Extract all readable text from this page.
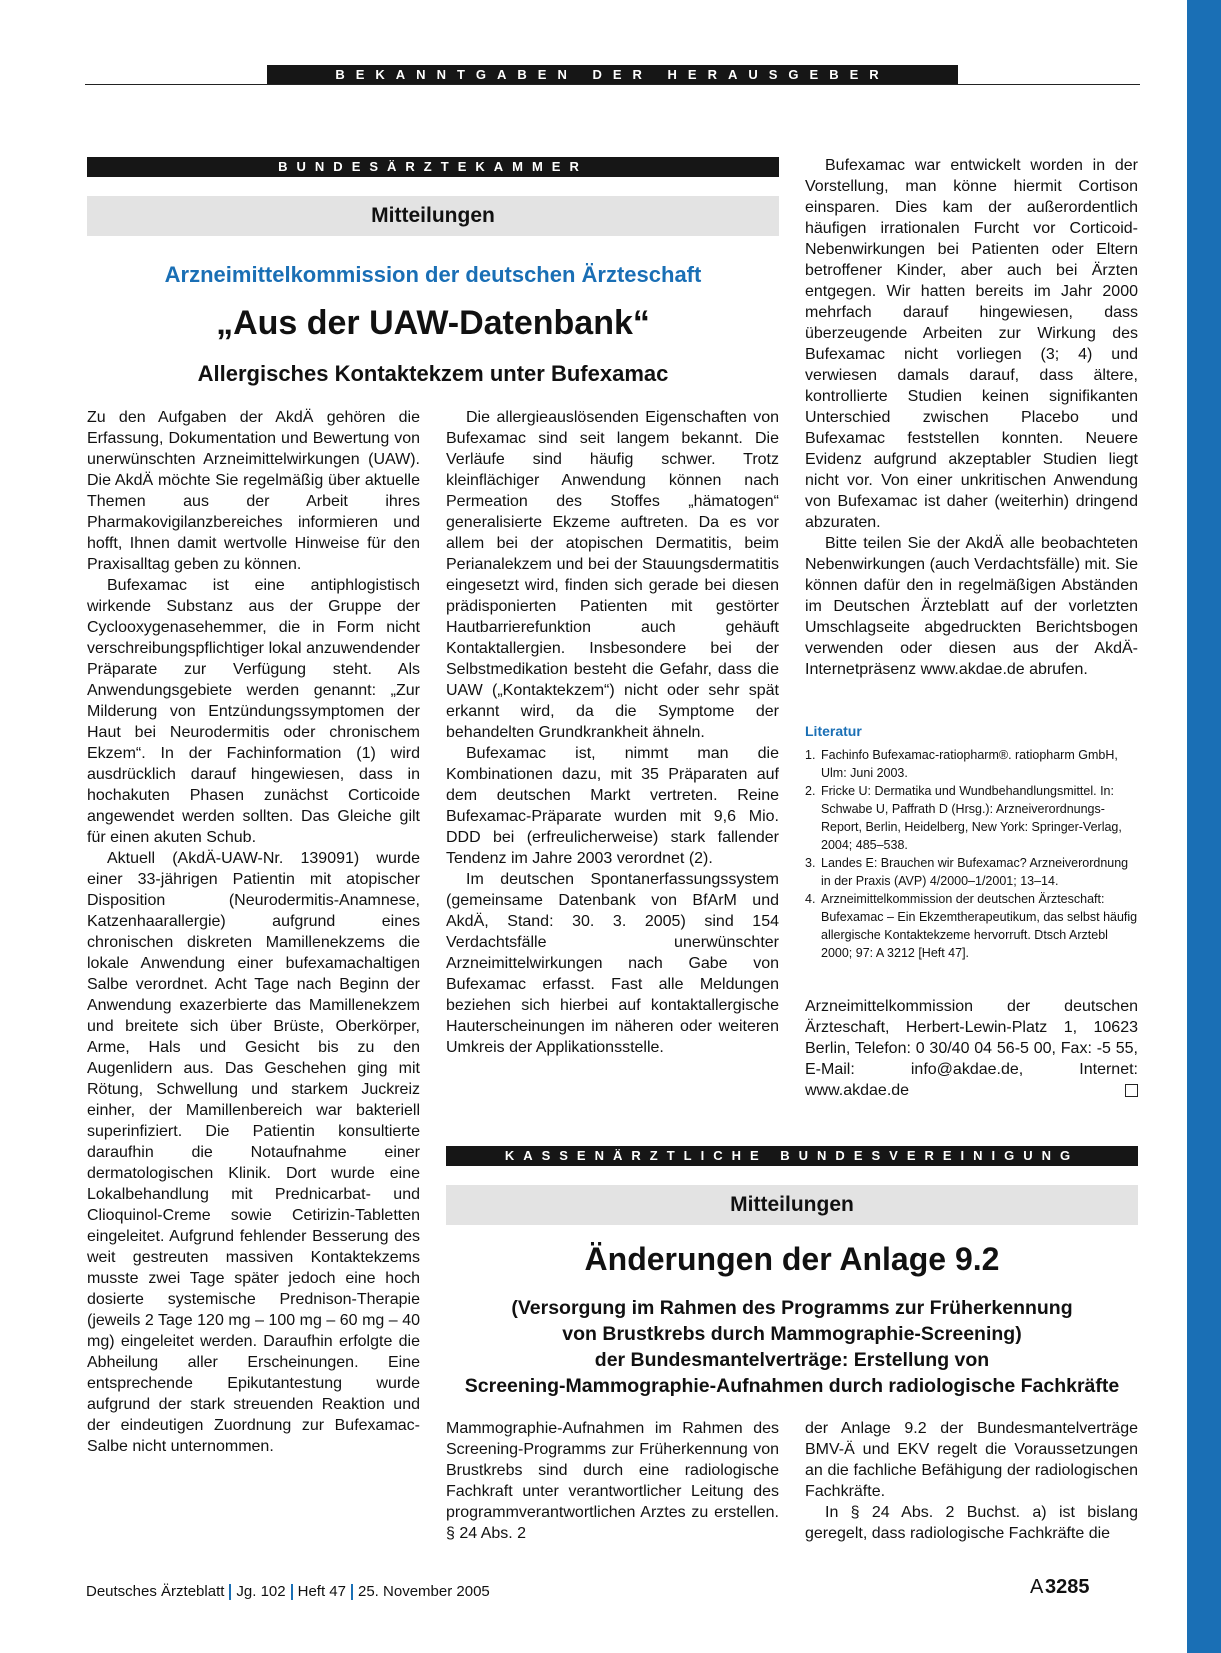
BEKANNTGABEN DER HERAUSGEBER
BUNDESÄRZTEKAMMER
Mitteilungen
Arzneimittelkommission der deutschen Ärzteschaft
„Aus der UAW-Datenbank“
Allergisches Kontaktekzem unter Bufexamac

Zu den Aufgaben der AkdÄ gehören die Erfassung, Dokumentation und Bewertung von unerwünschten Arzneimittelwirkungen (UAW). Die AkdÄ möchte Sie regelmäßig über aktuelle Themen aus der Arbeit ihres Pharmakovigilanzbereiches informieren und hofft, Ihnen damit wertvolle Hinweise für den Praxisalltag geben zu können.

Bufexamac ist eine antiphlogistisch wirkende Substanz aus der Gruppe der Cyclooxygenasehemmer, die in Form nicht verschreibungspflichtiger lokal anzuwendender Präparate zur Verfügung steht. Als Anwendungsgebiete werden genannt: „Zur Milderung von Entzündungssymptomen der Haut bei Neurodermitis oder chronischem Ekzem“. In der Fachinformation (1) wird ausdrücklich darauf hingewiesen, dass in hochakuten Phasen zunächst Corticoide angewendet werden sollten. Das Gleiche gilt für einen akuten Schub.

Aktuell (AkdÄ-UAW-Nr. 139091) wurde einer 33-jährigen Patientin mit atopischer Disposition (Neurodermitis-Anamnese, Katzenhaarallergie) aufgrund eines chronischen diskreten Mamillenekzems die lokale Anwendung einer bufexamachaltigen Salbe verordnet. Acht Tage nach Beginn der Anwendung exazerbierte das Mamillenekzem und breitete sich über Brüste, Oberkörper, Arme, Hals und Gesicht bis zu den Augenlidern aus. Das Geschehen ging mit Rötung, Schwellung und starkem Juckreiz einher, der Mamillenbereich war bakteriell superinfiziert. Die Patientin konsultierte daraufhin die Notaufnahme einer dermatologischen Klinik. Dort wurde eine Lokalbehandlung mit Prednicarbat- und Clioquinol-Creme sowie Cetirizin-Tabletten eingeleitet. Aufgrund fehlender Besserung des weit gestreuten massiven Kontaktekzems musste zwei Tage später jedoch eine hoch dosierte systemische Prednison-Therapie (jeweils 2 Tage 120 mg – 100 mg – 60 mg – 40 mg) eingeleitet werden. Daraufhin erfolgte die Abheilung aller Erscheinungen. Eine entsprechende Epikutantestung wurde aufgrund der stark streuenden Reaktion und der eindeutigen Zuordnung zur Bufexamac-Salbe nicht unternommen.

Die allergieauslösenden Eigenschaften von Bufexamac sind seit langem bekannt. Die Verläufe sind häufig schwer. Trotz kleinflächiger Anwendung können nach Permeation des Stoffes „hämatogen“ generalisierte Ekzeme auftreten. Da es vor allem bei der atopischen Dermatitis, beim Perianalekzem und bei der Stauungsdermatitis eingesetzt wird, finden sich gerade bei diesen prädisponierten Patienten mit gestörter Hautbarrierefunktion auch gehäuft Kontaktallergien. Insbesondere bei der Selbstmedikation besteht die Gefahr, dass die UAW („Kontaktekzem“) nicht oder sehr spät erkannt wird, da die Symptome der behandelten Grundkrankheit ähneln.

Bufexamac ist, nimmt man die Kombinationen dazu, mit 35 Präparaten auf dem deutschen Markt vertreten. Reine Bufexamac-Präparate wurden mit 9,6 Mio. DDD bei (erfreulicherweise) stark fallender Tendenz im Jahre 2003 verordnet (2).

Im deutschen Spontanerfassungssystem (gemeinsame Datenbank von BfArM und AkdÄ, Stand: 30. 3. 2005) sind 154 Verdachtsfälle unerwünschter Arzneimittelwirkungen nach Gabe von Bufexamac erfasst. Fast alle Meldungen beziehen sich hierbei auf kontaktallergische Hauterscheinungen im näheren oder weiteren Umkreis der Applikationsstelle.

Bufexamac war entwickelt worden in der Vorstellung, man könne hiermit Cortison einsparen. Dies kam der außerordentlich häufigen irrationalen Furcht vor Corticoid-Nebenwirkungen bei Patienten oder Eltern betroffener Kinder, aber auch bei Ärzten entgegen. Wir hatten bereits im Jahr 2000 mehrfach darauf hingewiesen, dass überzeugende Arbeiten zur Wirkung des Bufexamac nicht vorliegen (3; 4) und verwiesen damals darauf, dass ältere, kontrollierte Studien keinen signifikanten Unterschied zwischen Placebo und Bufexamac feststellen konnten. Neuere Evidenz aufgrund akzeptabler Studien liegt nicht vor. Von einer unkritischen Anwendung von Bufexamac ist daher (weiterhin) dringend abzuraten.

Bitte teilen Sie der AkdÄ alle beobachteten Nebenwirkungen (auch Verdachtsfälle) mit. Sie können dafür den in regelmäßigen Abständen im Deutschen Ärzteblatt auf der vorletzten Umschlagseite abgedruckten Berichtsbogen verwenden oder diesen aus der AkdÄ-Internetpräsenz www.akdae.de abrufen.

Literatur
1. Fachinfo Bufexamac-ratiopharm®. ratiopharm GmbH, Ulm: Juni 2003.
2. Fricke U: Dermatika und Wundbehandlungsmittel. In: Schwabe U, Paffrath D (Hrsg.): Arzneiverordnungs-Report, Berlin, Heidelberg, New York: Springer-Verlag, 2004; 485–538.
3. Landes E: Brauchen wir Bufexamac? Arzneiverordnung in der Praxis (AVP) 4/2000–1/2001; 13–14.
4. Arzneimittelkommission der deutschen Ärzteschaft: Bufexamac – Ein Ekzemtherapeutikum, das selbst häufig allergische Kontaktekzeme hervorruft. Dtsch Arztebl 2000; 97: A 3212 [Heft 47].

Arzneimittelkommission der deutschen Ärzteschaft, Herbert-Lewin-Platz 1, 10623 Berlin, Telefon: 0 30/40 04 56-5 00, Fax: -5 55, E-Mail: info@akdae.de, Internet: www.akdae.de

KASSENÄRZTLICHE BUNDESVEREINIGUNG
Mitteilungen
Änderungen der Anlage 9.2
(Versorgung im Rahmen des Programms zur Früherkennung
von Brustkrebs durch Mammographie-Screening)
der Bundesmantelverträge: Erstellung von
Screening-Mammographie-Aufnahmen durch radiologische Fachkräfte

Mammographie-Aufnahmen im Rahmen des Screening-Programms zur Früherkennung von Brustkrebs sind durch eine radiologische Fachkraft unter verantwortlicher Leitung des programmverantwortlichen Arztes zu erstellen. § 24 Abs. 2

der Anlage 9.2 der Bundesmantelverträge BMV-Ä und EKV regelt die Voraussetzungen an die fachliche Befähigung der radiologischen Fachkräfte.

In § 24 Abs. 2 Buchst. a) ist bislang geregelt, dass radiologische Fachkräfte die

Deutsches Ärzteblatt Jg. 102 Heft 47 25. November 2005	A 3285
